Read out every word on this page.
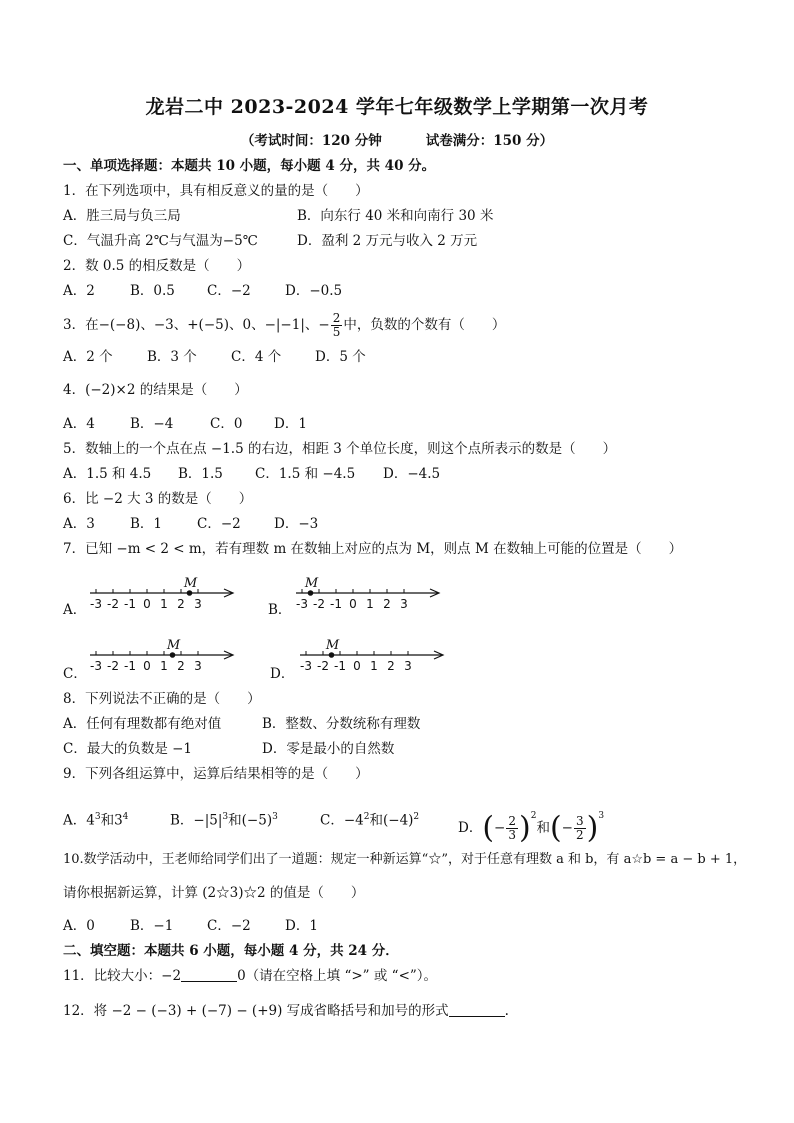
龙岩二中 2023-2024 学年七年级数学上学期第一次月考
（考试时间：120 分钟	试卷满分：150 分）
一、单项选择题：本题共 10 小题，每小题 4 分，共 40 分。
1．在下列选项中，具有相反意义的量的是（　　）
A．胜三局与负三局	B．向东行 40 米和向南行 30 米
C．气温升高 2℃与气温为−5℃	D．盈利 2 万元与收入 2 万元
2．数 0.5 的相反数是（　　）
A．2	B．0.5 C．−2	D．−0.5
3．在−(−8)、−3、+(−5)、0、−|−1|、− $\frac{2}{5}$ 中，负数的个数有（　　）
A．2 个	B．3 个	C．4 个	D．5 个
4．(−2)×2 的结果是（　　）
A．4	B．−4	C．0 D．1
5．数轴上的一个点在点 −1.5 的右边，相距 3 个单位长度，则这个点所表示的数是（　　）
A．1.5 和 4.5 B．1.5 C．1.5 和 −4.5 D．−4.5
6．比 −2 大 3 的数是（　　）
A．3	B．1	C．−2 D．−3
7．已知 −m < 2 < m，若有理数 m 在数轴上对应的点为 M，则点 M 在数轴上可能的位置是（　　）
A． -3 -2 -1 0 1 2 3
M
B． -3 -2 -1 0 1 2 3
M
C． -3 -2 -1 0 1 2 3
M
D． -3 -2 -1 0 1 2 3
M
8．下列说法不正确的是（　　）
A．任何有理数都有绝对值	B．整数、分数统称有理数
C．最大的负数是 −1	D．零是最小的自然数
9．下列各组运算中，运算后结果相等的是（　　）
A．$4^3$和$3^4$	B．$-|5|^3$和$(-5)^3$	C．$-4^2$和$(-4)^2$
D．(− $\frac{2}{3} )^2$和(− $\frac{3}{2} )^3$
10.数学活动中，王老师给同学们出了一道题：规定一种新运算“☆”，对于任意有理数 a 和 b，有 a☆b = a − b + 1，
请你根据新运算，计算 (2☆3)☆2 的值是（　　）
A．0	B．−1 C．−2	D．1
二、填空题：本题共 6 小题，每小题 4 分，共 24 分．
11．比较大小：−2	0（请在空格上填 “>” 或 “<”）。
12．将 −2 − (−3) + (−7) − (+9) 写成省略括号和加号的形式	.
